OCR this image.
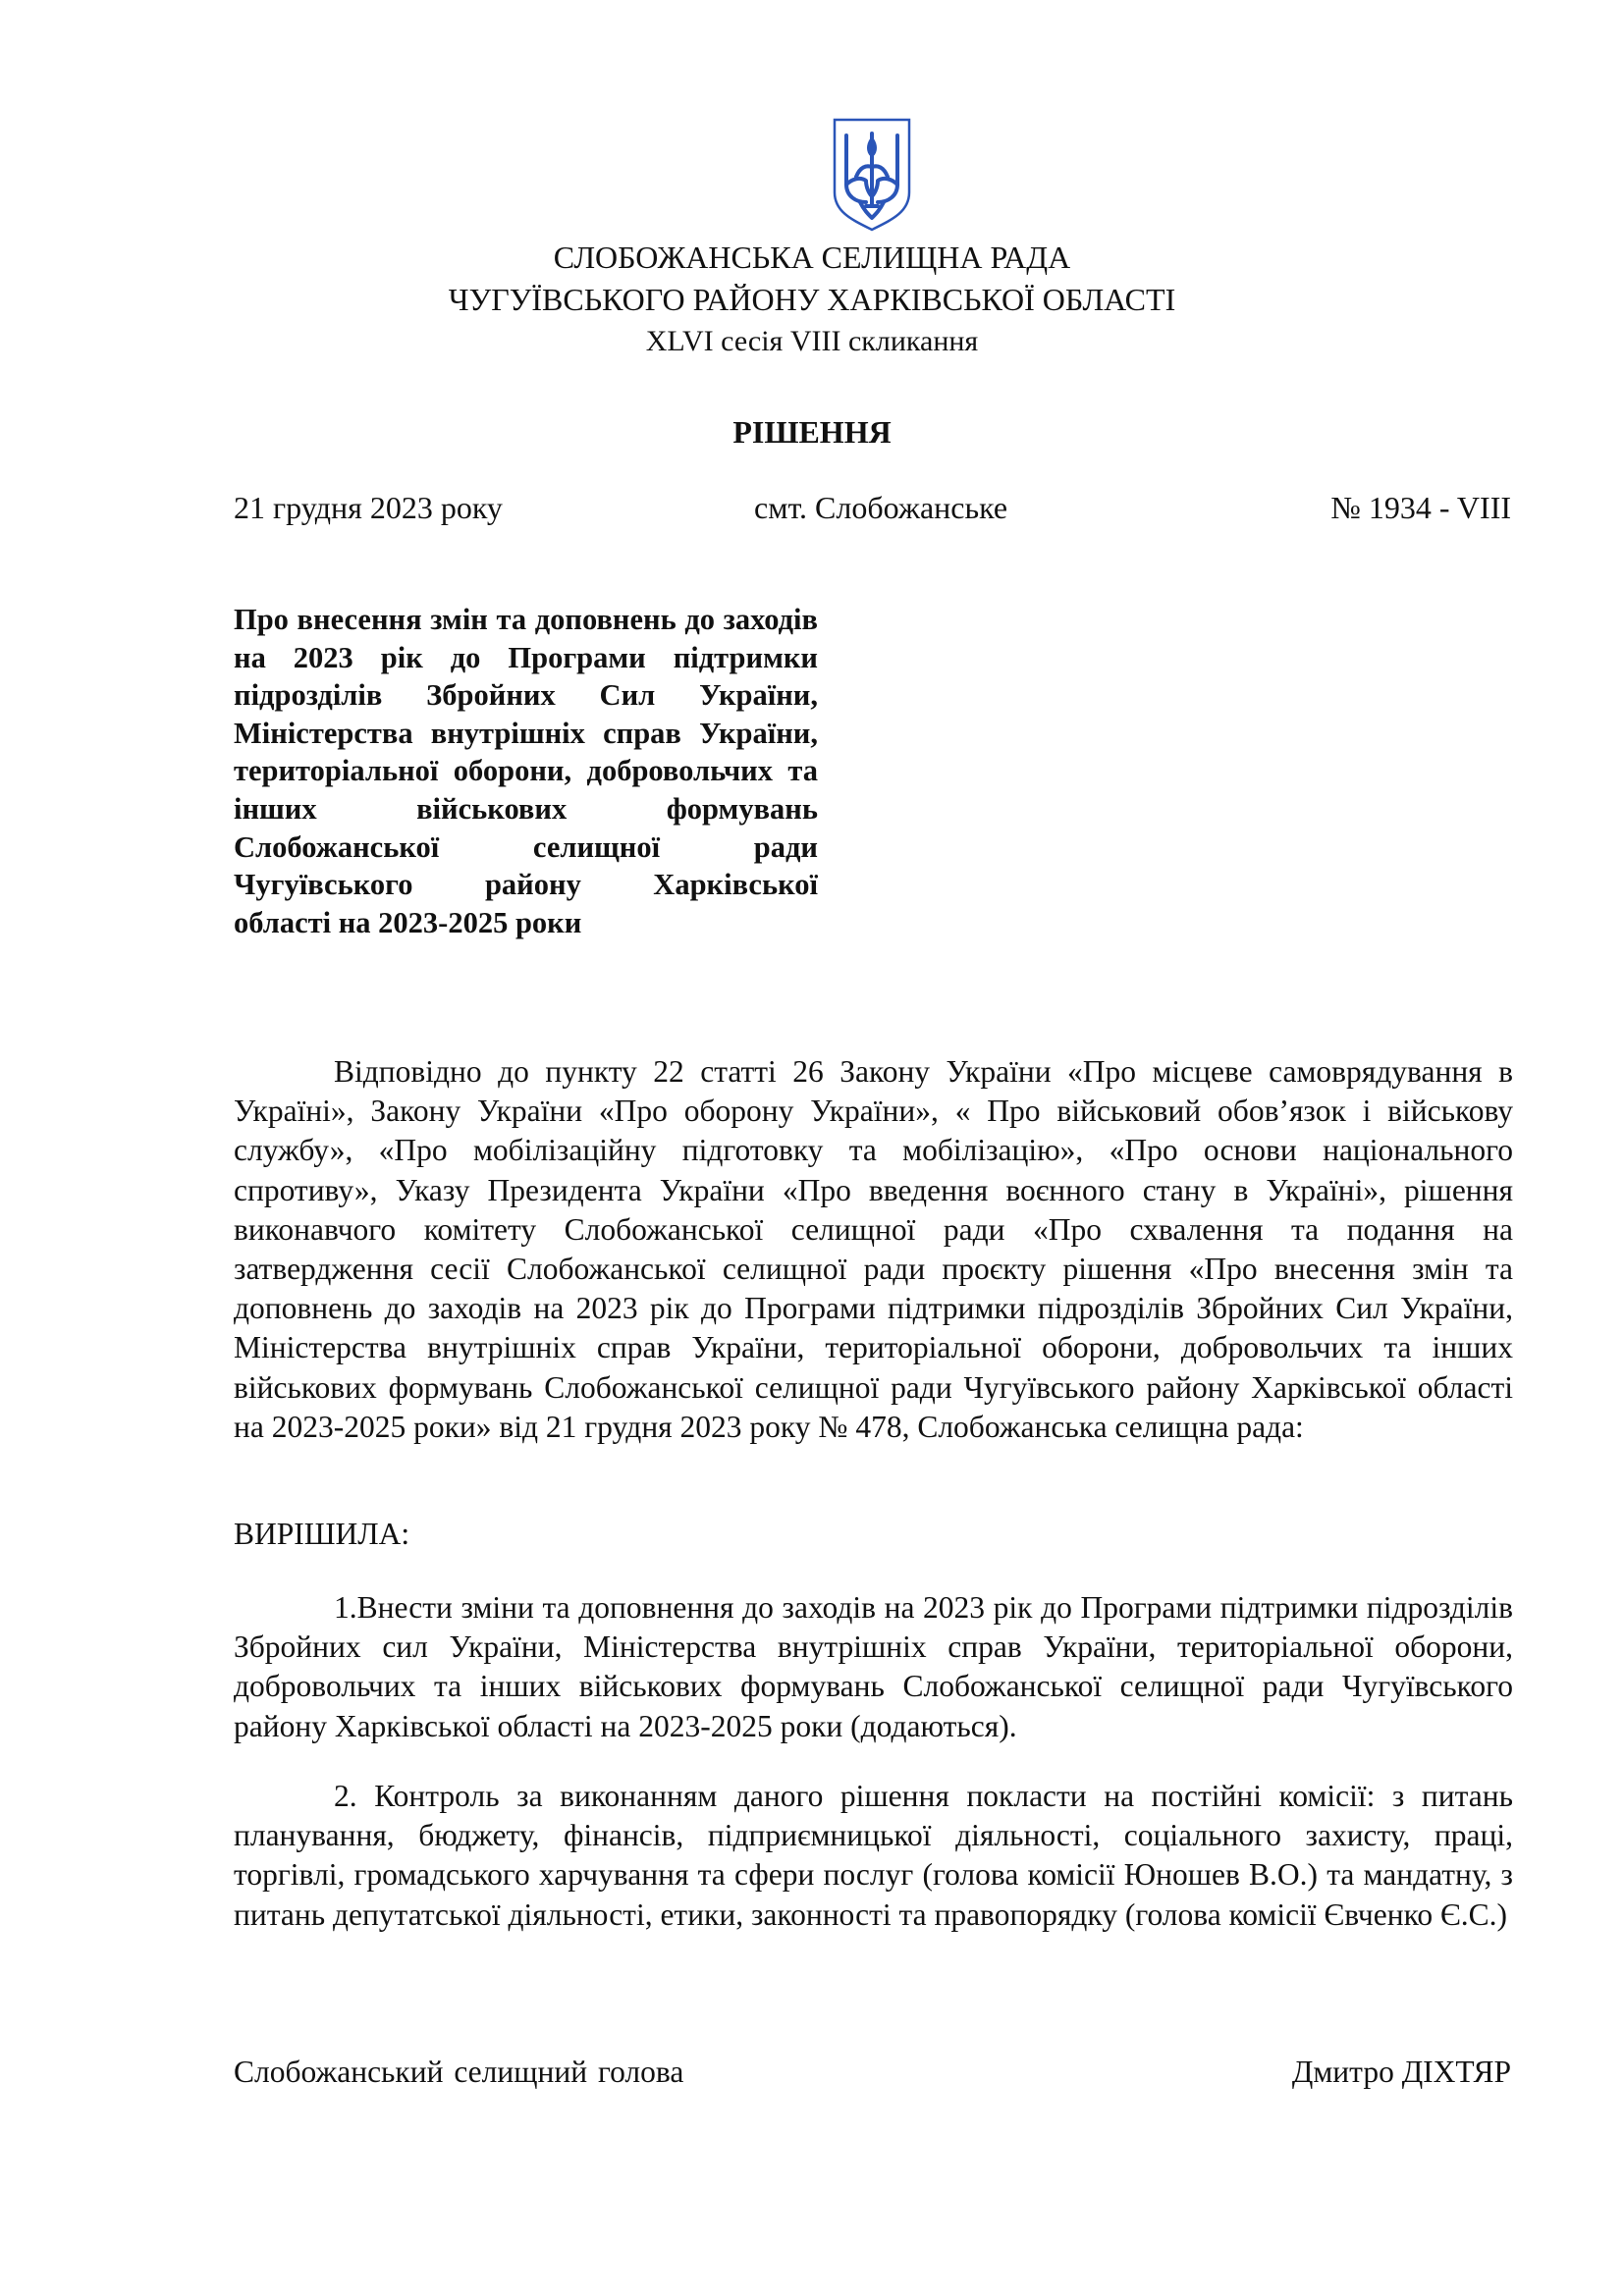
СЛОБОЖАНСЬКА СЕЛИЩНА РАДА
ЧУГУЇВСЬКОГО РАЙОНУ ХАРКІВСЬКОЇ ОБЛАСТІ
XLVI сесія VIII скликання
РІШЕННЯ
21 грудня 2023 року	смт. Слобожанське	№ 1934 - VIII
Про внесення змін та доповнень до заходів на 2023 рік до Програми підтримки підрозділів Збройних Сил України, Міністерства внутрішніх справ України, територіальної оборони, добровольчих та інших військових формувань Слобожанської селищної ради Чугуївського району Харківської
області на 2023-2025 роки
Відповідно до пункту 22 статті 26 Закону України «Про місцеве самоврядування в Україні», Закону України «Про оборону України», « Про військовий обов’язок і військову службу», «Про мобілізаційну підготовку та мобілізацію», «Про основи національного спротиву», Указу Президента України «Про введення воєнного стану в Україні», рішення виконавчого комітету Слобожанської селищної ради «Про схвалення та подання на затвердження сесії Слобожанської селищної ради проєкту рішення «Про внесення змін та доповнень до заходів на 2023 рік до Програми підтримки підрозділів Збройних Сил України, Міністерства внутрішніх справ України, територіальної оборони, добровольчих та інших військових формувань Слобожанської селищної ради Чугуївського району Харківської області на 2023-2025 роки» від 21 грудня 2023 року № 478, Слобожанська селищна рада:
ВИРІШИЛА:
1.Внести зміни та доповнення до заходів на 2023 рік до Програми підтримки підрозділів Збройних сил України, Міністерства внутрішніх справ України, територіальної оборони, добровольчих та інших військових формувань Слобожанської селищної ради Чугуївського району Харківської області на 2023-2025 роки (додаються).
2. Контроль за виконанням даного рішення покласти на постійні комісії: з питань планування, бюджету, фінансів, підприємницької діяльності, соціального захисту, праці, торгівлі, громадського харчування та сфери послуг (голова комісії Юношев В.О.) та мандатну, з питань депутатської діяльності, етики, законності та правопорядку (голова комісії Євченко Є.С.)
Слобожанський селищний голова	Дмитро ДІХТЯР
